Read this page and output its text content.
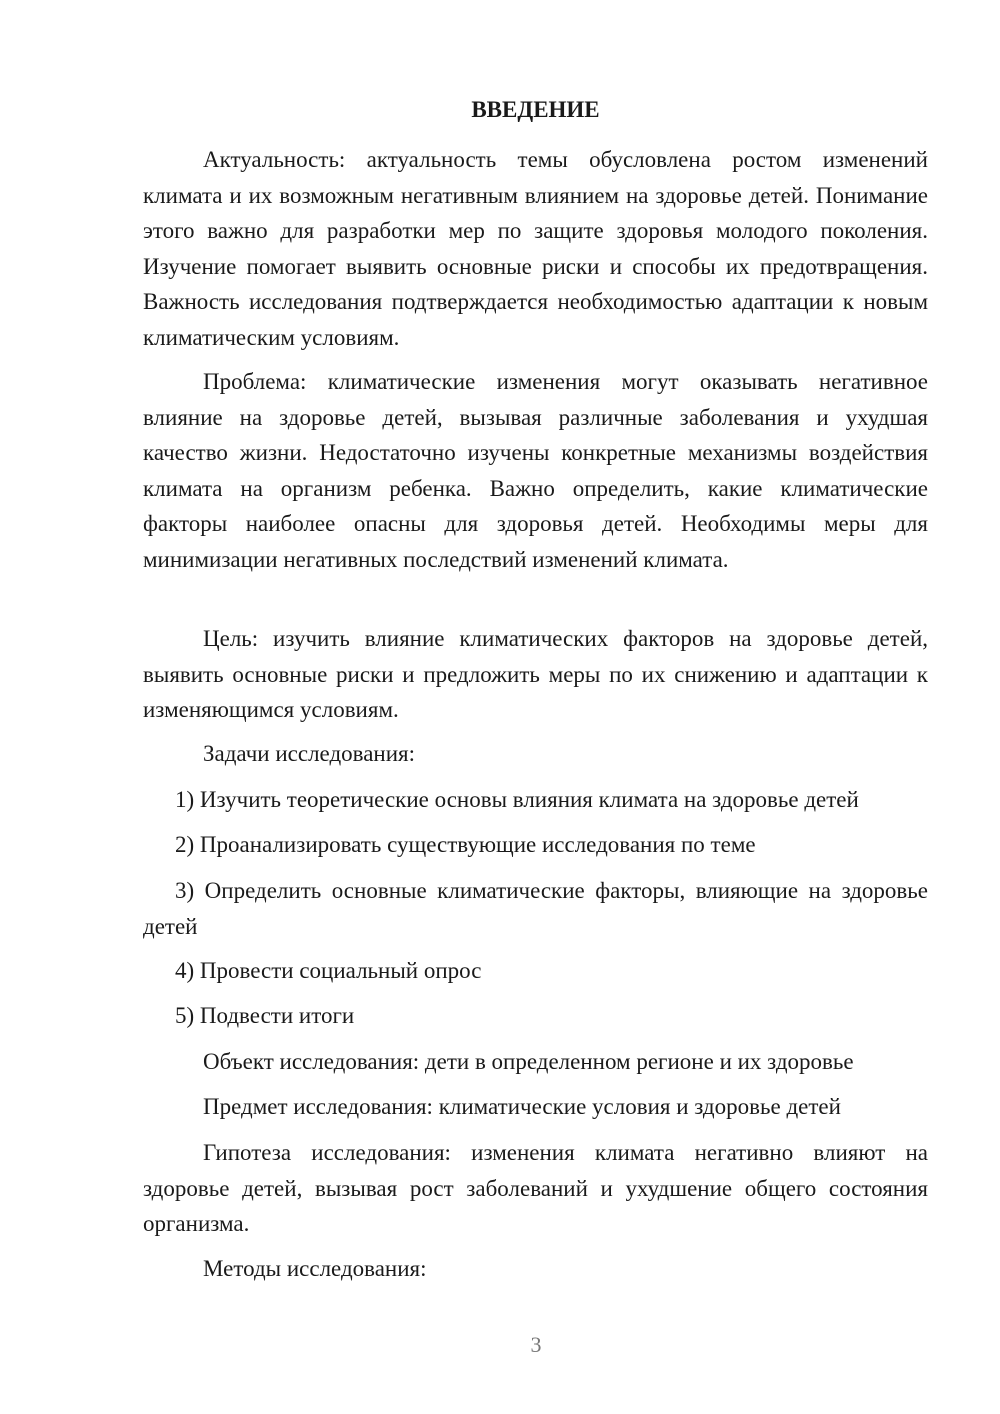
ВВЕДЕНИЕ

Актуальность: актуальность темы обусловлена ростом изменений климата и их возможным негативным влиянием на здоровье детей. Понимание этого важно для разработки мер по защите здоровья молодого поколения. Изучение помогает выявить основные риски и способы их предотвращения. Важность исследования подтверждается необходимостью адаптации к новым климатическим условиям.

Проблема: климатические изменения могут оказывать негативное влияние на здоровье детей, вызывая различные заболевания и ухудшая качество жизни. Недостаточно изучены конкретные механизмы воздействия климата на организм ребенка. Важно определить, какие климатические факторы наиболее опасны для здоровья детей. Необходимы меры для минимизации негативных последствий изменений климата.

Цель: изучить влияние климатических факторов на здоровье детей, выявить основные риски и предложить меры по их снижению и адаптации к изменяющимся условиям.

Задачи исследования:

1) Изучить теоретические основы влияния климата на здоровье детей

2) Проанализировать существующие исследования по теме

3) Определить основные климатические факторы, влияющие на здоровье детей

4) Провести социальный опрос

5) Подвести итоги

Объект исследования: дети в определенном регионе и их здоровье

Предмет исследования: климатические условия и здоровье детей

Гипотеза исследования: изменения климата негативно влияют на здоровье детей, вызывая рост заболеваний и ухудшение общего состояния организма.

Методы исследования:

3
